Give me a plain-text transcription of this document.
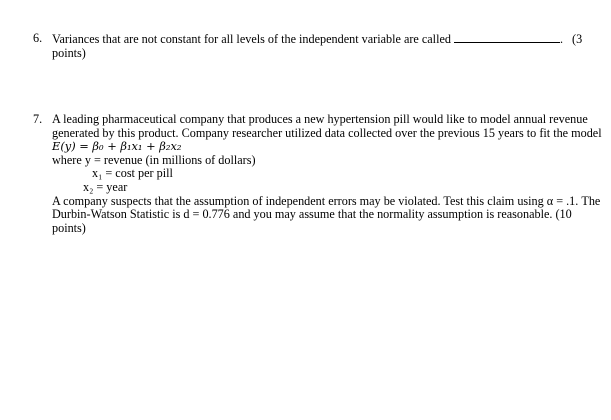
6. Variances that are not constant for all levels of the independent variable are called	. (3
points)
7. A leading pharmaceutical company that produces a new hypertension pill would like to model annual revenue
generated by this product. Company researcher utilized data collected over the previous 15 years to fit the model
E(y) = β₀ + β₁x₁ + β₂x₂
where y = revenue (in millions of dollars)
x₁ = cost per pill
x₂ = year
A company suspects that the assumption of independent errors may be violated. Test this claim using α = .1. The
Durbin-Watson Statistic is d = 0.776 and you may assume that the normality assumption is reasonable. (10
points)
